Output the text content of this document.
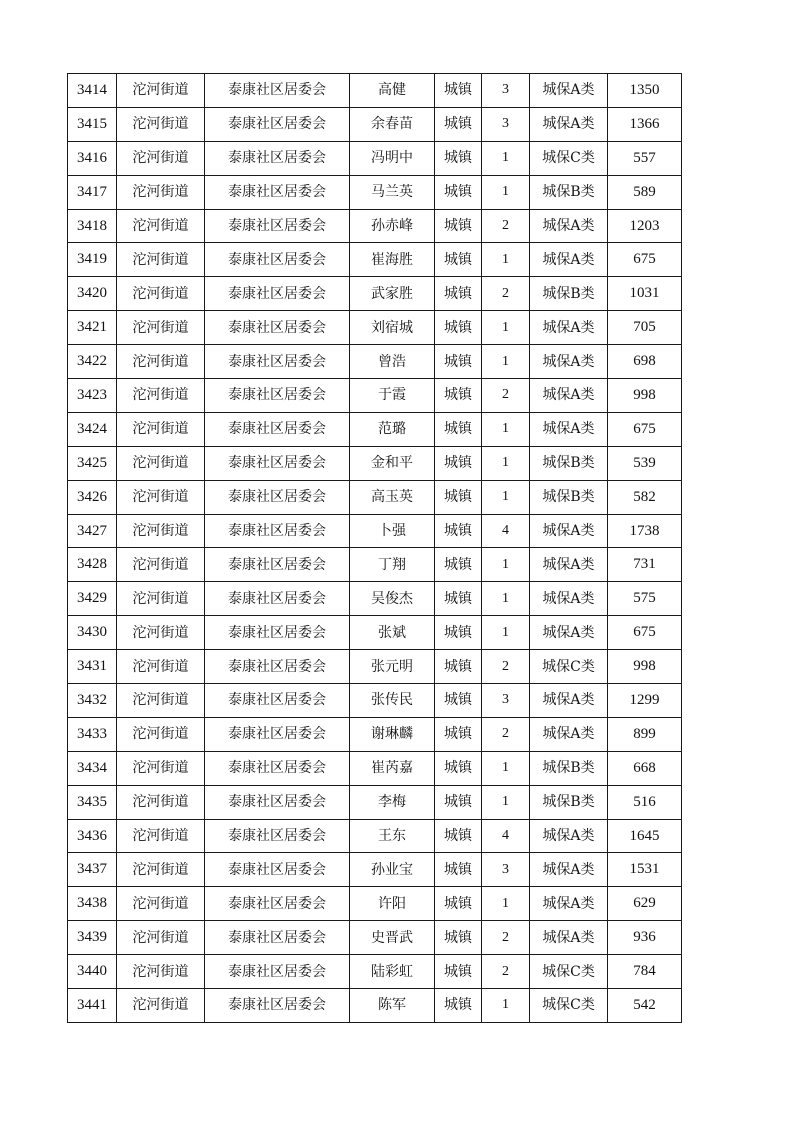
3414	沱河街道	泰康社区居委会	高健	城镇	3	城保A类	1350
3415	沱河街道	泰康社区居委会	余春苗	城镇	3	城保A类	1366
3416	沱河街道	泰康社区居委会	冯明中	城镇	1	城保C类	557
3417	沱河街道	泰康社区居委会	马兰英	城镇	1	城保B类	589
3418	沱河街道	泰康社区居委会	孙赤峰	城镇	2	城保A类	1203
3419	沱河街道	泰康社区居委会	崔海胜	城镇	1	城保A类	675
3420	沱河街道	泰康社区居委会	武家胜	城镇	2	城保B类	1031
3421	沱河街道	泰康社区居委会	刘宿城	城镇	1	城保A类	705
3422	沱河街道	泰康社区居委会	曾浩	城镇	1	城保A类	698
3423	沱河街道	泰康社区居委会	于霞	城镇	2	城保A类	998
3424	沱河街道	泰康社区居委会	范璐	城镇	1	城保A类	675
3425	沱河街道	泰康社区居委会	金和平	城镇	1	城保B类	539
3426	沱河街道	泰康社区居委会	高玉英	城镇	1	城保B类	582
3427	沱河街道	泰康社区居委会	卜强	城镇	4	城保A类	1738
3428	沱河街道	泰康社区居委会	丁翔	城镇	1	城保A类	731
3429	沱河街道	泰康社区居委会	吴俊杰	城镇	1	城保A类	575
3430	沱河街道	泰康社区居委会	张斌	城镇	1	城保A类	675
3431	沱河街道	泰康社区居委会	张元明	城镇	2	城保C类	998
3432	沱河街道	泰康社区居委会	张传民	城镇	3	城保A类	1299
3433	沱河街道	泰康社区居委会	谢琳麟	城镇	2	城保A类	899
3434	沱河街道	泰康社区居委会	崔芮嘉	城镇	1	城保B类	668
3435	沱河街道	泰康社区居委会	李梅	城镇	1	城保B类	516
3436	沱河街道	泰康社区居委会	王东	城镇	4	城保A类	1645
3437	沱河街道	泰康社区居委会	孙业宝	城镇	3	城保A类	1531
3438	沱河街道	泰康社区居委会	许阳	城镇	1	城保A类	629
3439	沱河街道	泰康社区居委会	史晋武	城镇	2	城保A类	936
3440	沱河街道	泰康社区居委会	陆彩虹	城镇	2	城保C类	784
3441	沱河街道	泰康社区居委会	陈军	城镇	1	城保C类	542
